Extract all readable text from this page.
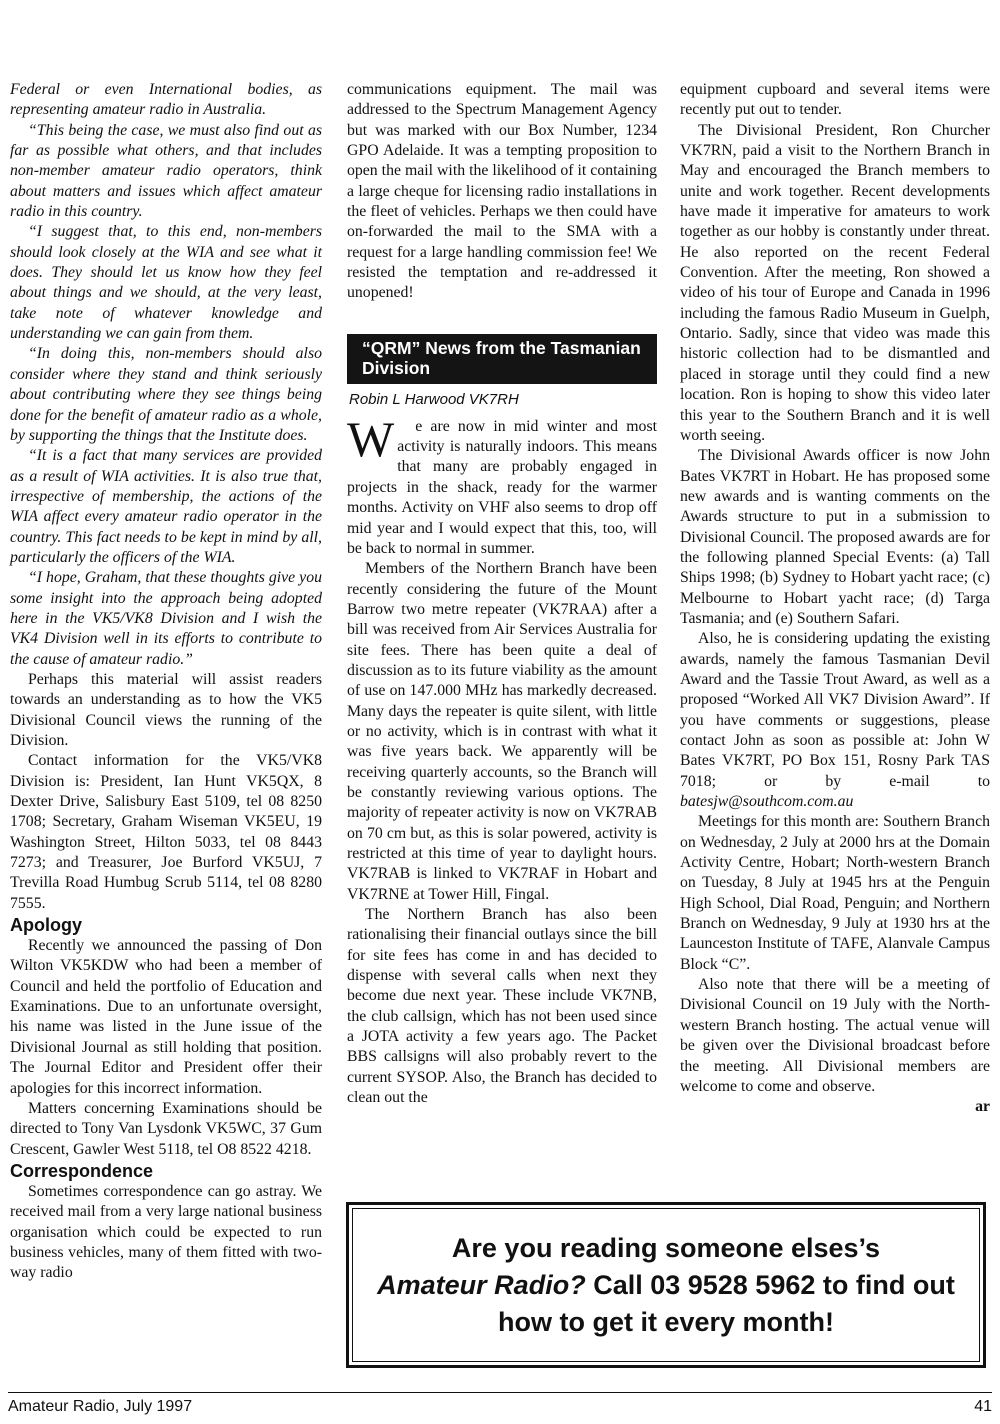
Federal or even International bodies, as representing amateur radio in Australia.

“This being the case, we must also find out as far as possible what others, and that includes non-member amateur radio operators, think about matters and issues which affect amateur radio in this country.

“I suggest that, to this end, non-members should look closely at the WIA and see what it does. They should let us know how they feel about things and we should, at the very least, take note of whatever knowledge and understanding we can gain from them.

“In doing this, non-members should also consider where they stand and think seriously about contributing where they see things being done for the benefit of amateur radio as a whole, by supporting the things that the Institute does.

“It is a fact that many services are provided as a result of WIA activities. It is also true that, irrespective of membership, the actions of the WIA affect every amateur radio operator in the country. This fact needs to be kept in mind by all, particularly the officers of the WIA.

“I hope, Graham, that these thoughts give you some insight into the approach being adopted here in the VK5/VK8 Division and I wish the VK4 Division well in its efforts to contribute to the cause of amateur radio.”

Perhaps this material will assist readers towards an understanding as to how the VK5 Divisional Council views the running of the Division.

Contact information for the VK5/VK8 Division is: President, Ian Hunt VK5QX, 8 Dexter Drive, Salisbury East 5109, tel 08 8250 1708; Secretary, Graham Wiseman VK5EU, 19 Washington Street, Hilton 5033, tel 08 8443 7273; and Treasurer, Joe Burford VK5UJ, 7 Trevilla Road Humbug Scrub 5114, tel 08 8280 7555.

Apology

Recently we announced the passing of Don Wilton VK5KDW who had been a member of Council and held the portfolio of Education and Examinations. Due to an unfortunate oversight, his name was listed in the June issue of the Divisional Journal as still holding that position. The Journal Editor and President offer their apologies for this incorrect information.

Matters concerning Examinations should be directed to Tony Van Lysdonk VK5WC, 37 Gum Crescent, Gawler West 5118, tel O8 8522 4218.

Correspondence

Sometimes correspondence can go astray. We received mail from a very large national business organisation which could be expected to run business vehicles, many of them fitted with two-way radio

communications equipment. The mail was addressed to the Spectrum Management Agency but was marked with our Box Number, 1234 GPO Adelaide. It was a tempting proposition to open the mail with the likelihood of it containing a large cheque for licensing radio installations in the fleet of vehicles. Perhaps we then could have on-forwarded the mail to the SMA with a request for a large handling commission fee! We resisted the temptation and re-addressed it unopened!

“QRM” News from the Tasmanian Division
Robin L Harwood VK7RH

W e are now in mid winter and most activity is naturally indoors. This means that many are probably engaged in projects in the shack, ready for the warmer months. Activity on VHF also seems to drop off mid year and I would expect that this, too, will be back to normal in summer.

Members of the Northern Branch have been recently considering the future of the Mount Barrow two metre repeater (VK7RAA) after a bill was received from Air Services Australia for site fees. There has been quite a deal of discussion as to its future viability as the amount of use on 147.000 MHz has markedly decreased. Many days the repeater is quite silent, with little or no activity, which is in contrast with what it was five years back. We apparently will be receiving quarterly accounts, so the Branch will be constantly reviewing various options. The majority of repeater activity is now on VK7RAB on 70 cm but, as this is solar powered, activity is restricted at this time of year to daylight hours. VK7RAB is linked to VK7RAF in Hobart and VK7RNE at Tower Hill, Fingal.

The Northern Branch has also been rationalising their financial outlays since the bill for site fees has come in and has decided to dispense with several calls when next they become due next year. These include VK7NB, the club callsign, which has not been used since a JOTA activity a few years ago. The Packet BBS callsigns will also probably revert to the current SYSOP. Also, the Branch has decided to clean out the

equipment cupboard and several items were recently put out to tender.

The Divisional President, Ron Churcher VK7RN, paid a visit to the Northern Branch in May and encouraged the Branch members to unite and work together. Recent developments have made it imperative for amateurs to work together as our hobby is constantly under threat. He also reported on the recent Federal Convention. After the meeting, Ron showed a video of his tour of Europe and Canada in 1996 including the famous Radio Museum in Guelph, Ontario. Sadly, since that video was made this historic collection had to be dismantled and placed in storage until they could find a new location. Ron is hoping to show this video later this year to the Southern Branch and it is well worth seeing.

The Divisional Awards officer is now John Bates VK7RT in Hobart. He has proposed some new awards and is wanting comments on the Awards structure to put in a submission to Divisional Council. The proposed awards are for the following planned Special Events: (a) Tall Ships 1998; (b) Sydney to Hobart yacht race; (c) Melbourne to Hobart yacht race; (d) Targa Tasmania; and (e) Southern Safari.

Also, he is considering updating the existing awards, namely the famous Tasmanian Devil Award and the Tassie Trout Award, as well as a proposed “Worked All VK7 Division Award”. If you have comments or suggestions, please contact John as soon as possible at: John W Bates VK7RT, PO Box 151, Rosny Park TAS 7018; or by e-mail to batesjw@southcom.com.au

Meetings for this month are: Southern Branch on Wednesday, 2 July at 2000 hrs at the Domain Activity Centre, Hobart; North-western Branch on Tuesday, 8 July at 1945 hrs at the Penguin High School, Dial Road, Penguin; and Northern Branch on Wednesday, 9 July at 1930 hrs at the Launceston Institute of TAFE, Alanvale Campus Block “C”.

Also note that there will be a meeting of Divisional Council on 19 July with the North-western Branch hosting. The actual venue will be given over the Divisional broadcast before the meeting. All Divisional members are welcome to come and observe.

ar

Are you reading someone elses’s
Amateur Radio? Call 03 9528 5962 to find out how to get it every month!
Amateur Radio, July 1997	41
